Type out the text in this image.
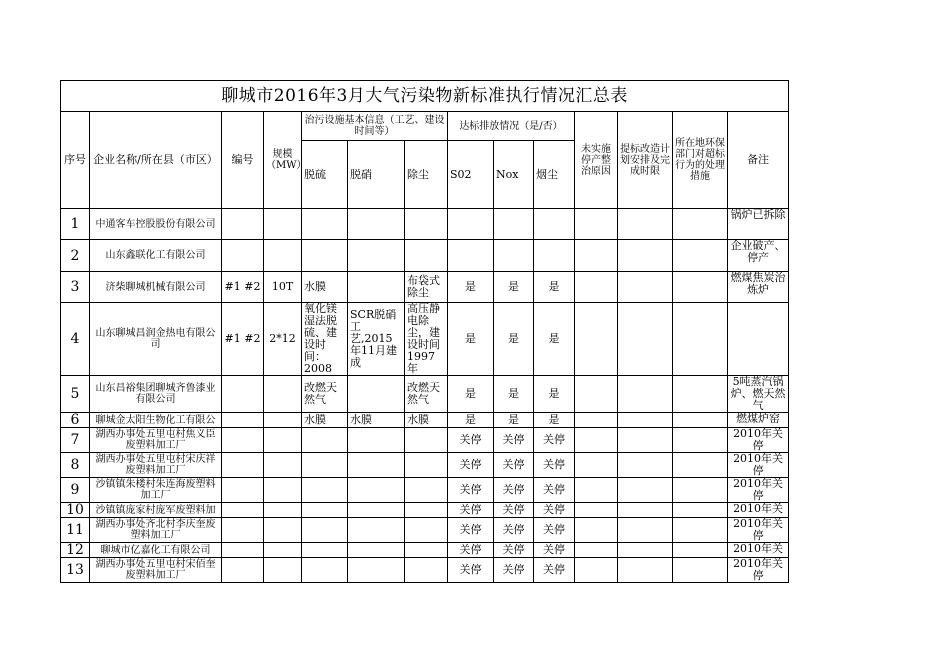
聊城市2016年3月大气污染物新标准执行情况汇总表													
序号	企业名称/所在县（市区）	编号	规模（MW）	治污设施基本信息（工艺、建设时间等）			达标排放情况（是/否）			未实施停产整治原因	提标改造计划安排及完成时限	所在地环保部门对超标行为的处理措施	备注
				脱硫	脱硝	除尘	S02	Nox	烟尘				
1	中通客车控股股份有限公司												锅炉已拆除
2	山东鑫联化工有限公司												企业破产、停产
3	济柴聊城机械有限公司	#1 #2	10T	水膜		布袋式除尘	是	是	是				燃煤焦炭治炼炉
4	山东聊城昌润金热电有限公司	#1 #2	2*12	氧化镁湿法脱硫、建设时间：2008	SCR脱硝工艺,2015年11月建成	高压静电除尘，建设时间1997年	是	是	是				
5	山东昌裕集团聊城齐鲁漆业有限公司			改燃天然气		改燃天然气	是	是	是				5吨蒸汽锅炉、燃天然气
6	聊城金太阳生物化工有限公			水膜	水膜	水膜	是	是	是				燃煤炉窑
7	湖西办事处五里屯村焦义臣废塑料加工厂						关停	关停	关停				2010年关停
8	湖西办事处五里屯村宋庆祥废塑料加工厂						关停	关停	关停				2010年关停
9	沙镇镇朱楼村朱连海废塑料加工厂						关停	关停	关停				2010年关停
10	沙镇镇庞家村庞军废塑料加						关停	关停	关停				2010年关
11	湖西办事处齐北村李庆奎废塑料加工厂						关停	关停	关停				2010年关停
12	聊城市亿嘉化工有限公司						关停	关停	关停				2010年关
13	湖西办事处五里屯村宋佰奎废塑料加工厂						关停	关停	关停				2010年关停
